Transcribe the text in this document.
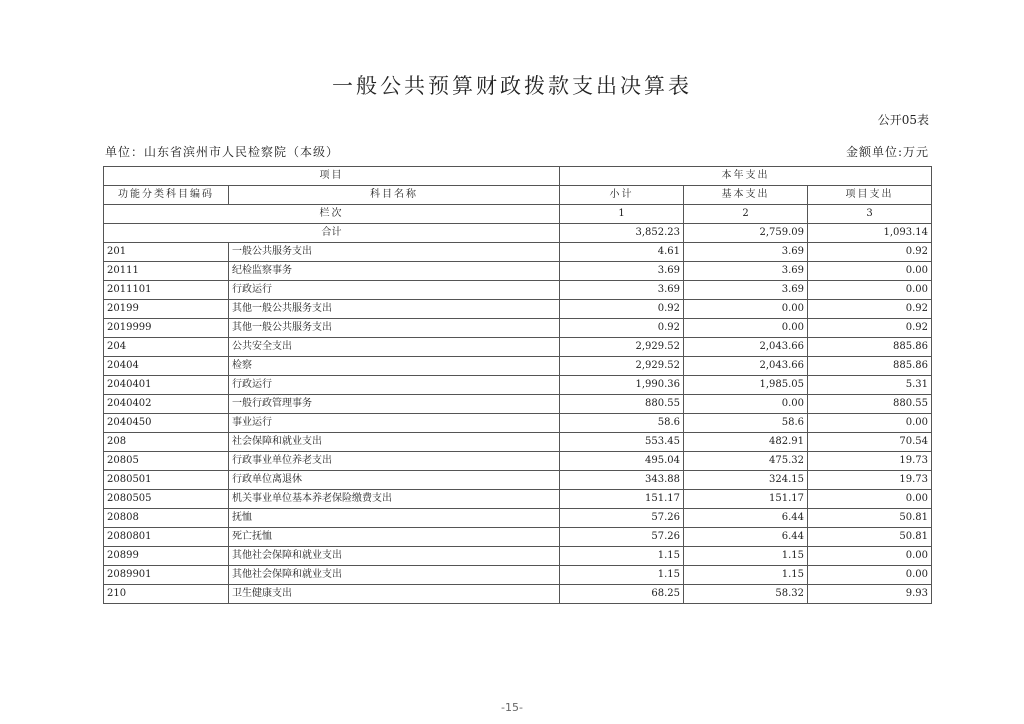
一般公共预算财政拨款支出决算表
公开05表
单位：山东省滨州市人民检察院（本级）	金额单位:万元
项目		本年支出		
功能分类科目编码	科目名称	小计	基本支出	项目支出
栏次		1	2	3
合计		3,852.23	2,759.09	1,093.14
201	一般公共服务支出	4.61	3.69	0.92
20111	纪检监察事务	3.69	3.69	0.00
2011101	行政运行	3.69	3.69	0.00
20199	其他一般公共服务支出	0.92	0.00	0.92
2019999	其他一般公共服务支出	0.92	0.00	0.92
204	公共安全支出	2,929.52	2,043.66	885.86
20404	检察	2,929.52	2,043.66	885.86
2040401	行政运行	1,990.36	1,985.05	5.31
2040402	一般行政管理事务	880.55	0.00	880.55
2040450	事业运行	58.6	58.6	0.00
208	社会保障和就业支出	553.45	482.91	70.54
20805	行政事业单位养老支出	495.04	475.32	19.73
2080501	行政单位离退休	343.88	324.15	19.73
2080505	机关事业单位基本养老保险缴费支出	151.17	151.17	0.00
20808	抚恤	57.26	6.44	50.81
2080801	死亡抚恤	57.26	6.44	50.81
20899	其他社会保障和就业支出	1.15	1.15	0.00
2089901	其他社会保障和就业支出	1.15	1.15	0.00
210	卫生健康支出	68.25	58.32	9.93
-15-
